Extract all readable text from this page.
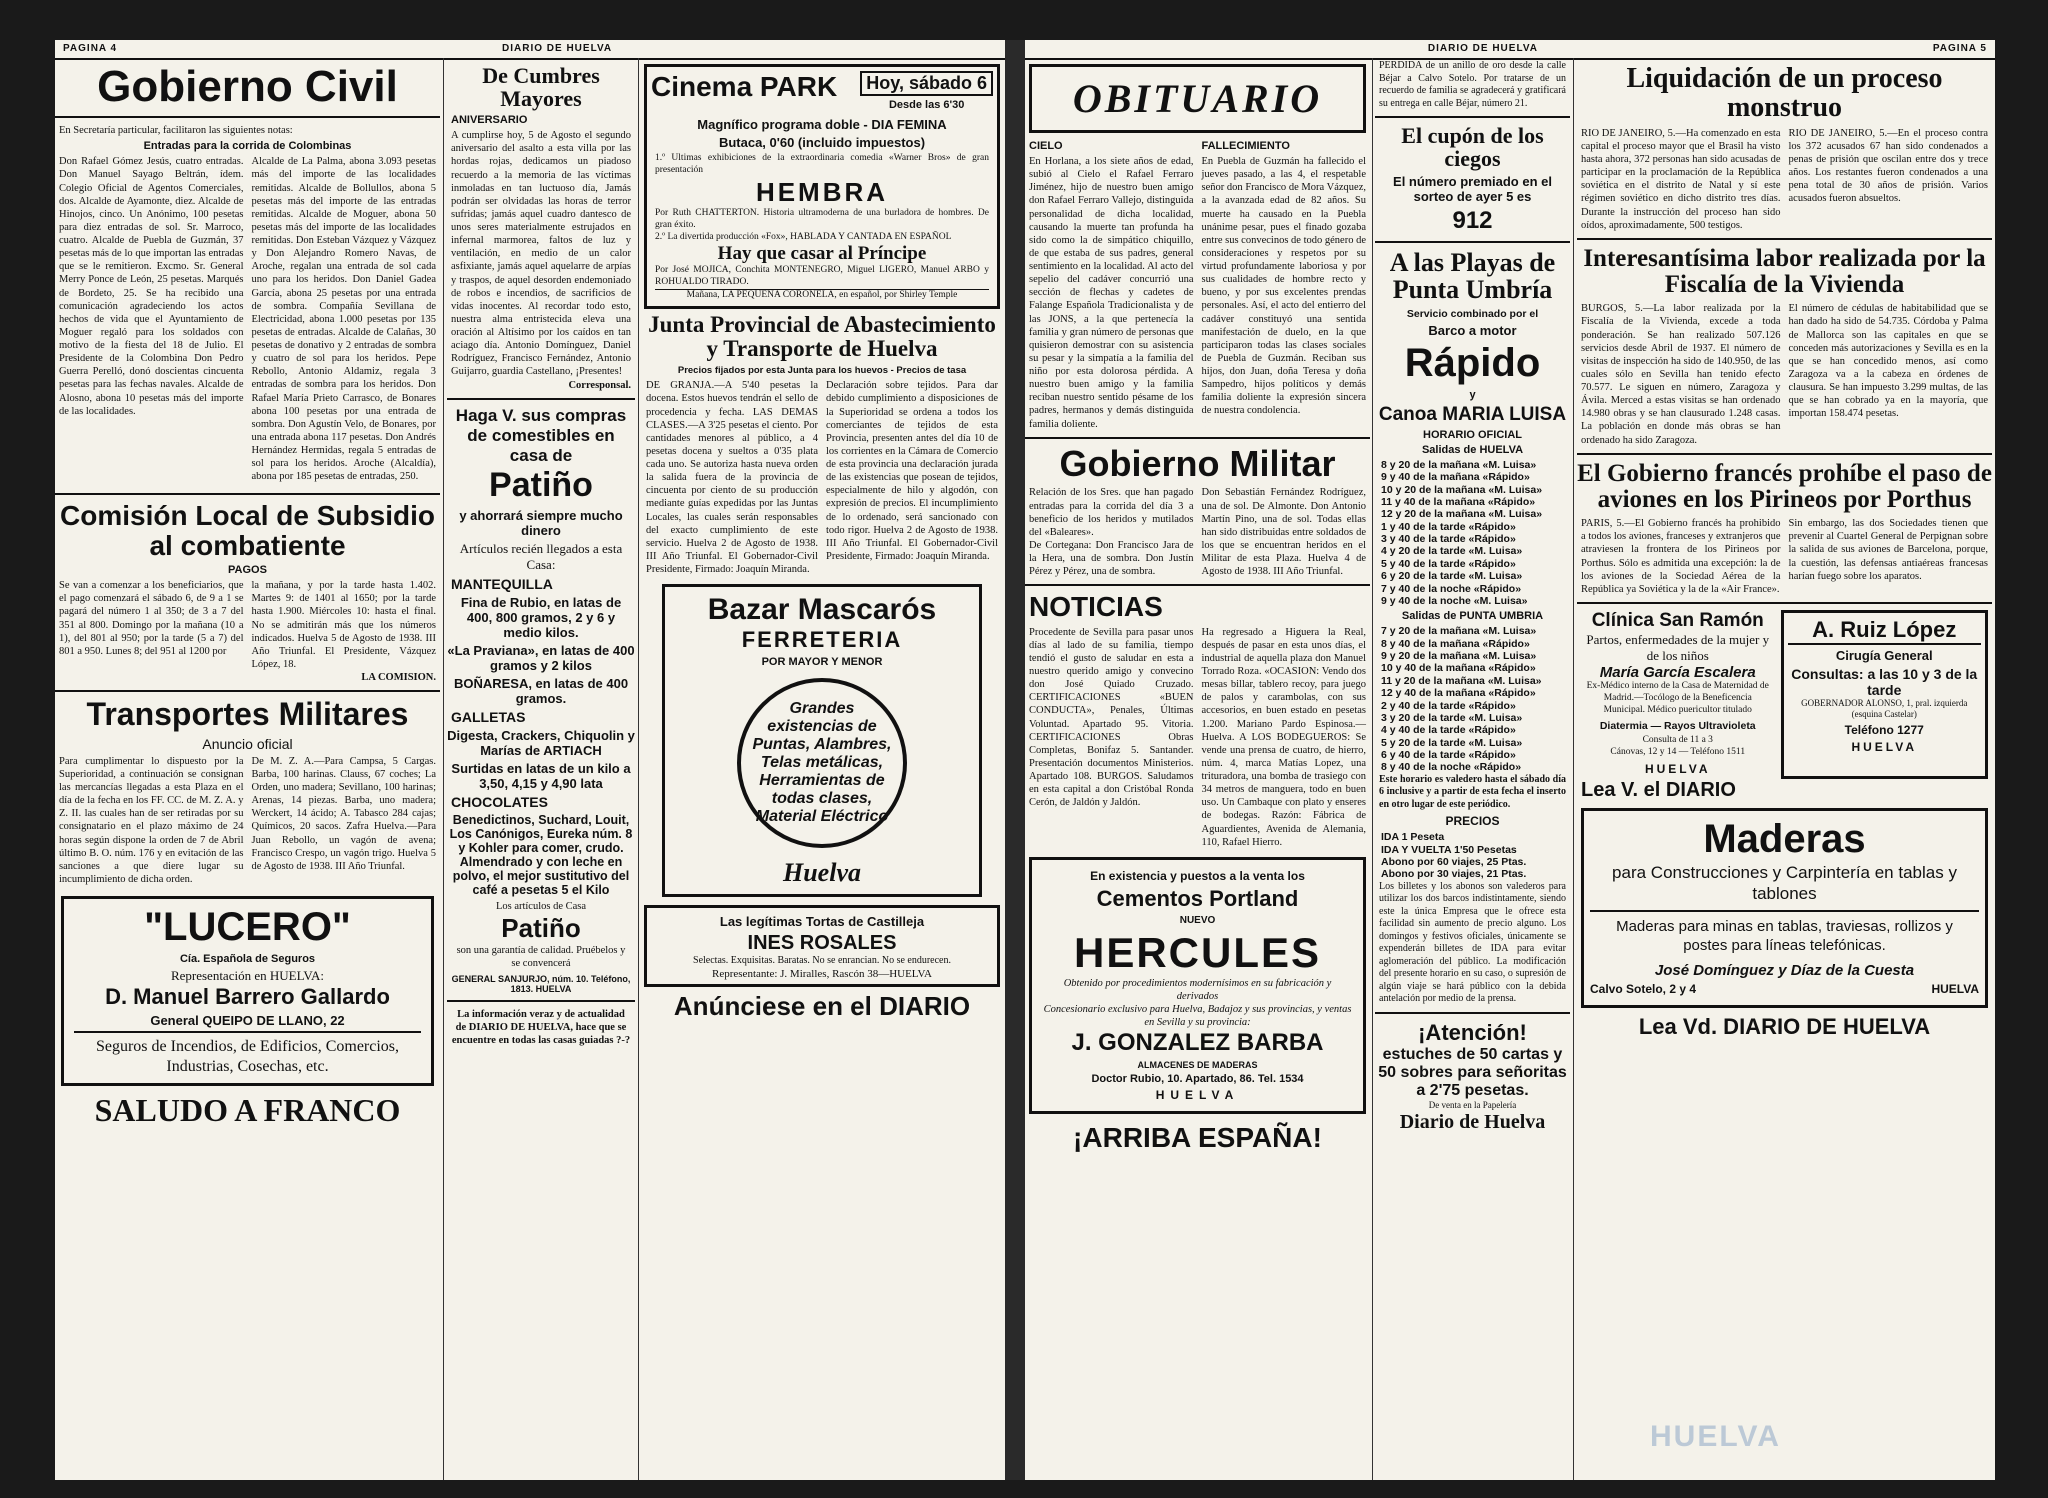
PAGINA 4	DIARIO DE HUELVA
Gobierno Civil
En Secretaría particular, facilitaron las siguientes notas:
Entradas para la corrida de Colombinas
Don Rafael Gómez Jesús, cuatro entradas. Don Manuel Sayago Beltrán, ídem. Colegio Oficial de Agentos Comerciales, dos. Alcalde de Ayamonte, diez. Alcalde de Hinojos, cinco. Un Anónimo, 100 pesetas para diez entradas de sol. Sr. Marroco, cuatro. Alcalde de Puebla de Guzmán, 37 pesetas más de lo que importan las entradas que se le remitieron. Excmo. Sr. General Merry Ponce de León, 25 pesetas. Marqués de Bordeto, 25. Se ha recibido una comunicación agradeciendo los actos hechos de vida que el Ayuntamiento de Moguer regaló para los soldados con motivo de la fiesta del 18 de Julio. El Presidente de la Colombina Don Pedro Guerra Perelló, donó doscientas cincuenta pesetas para las fechas navales. Alcalde de Alosno, abona 10 pesetas más del importe de las localidades.
Alcalde de La Palma, abona 3.093 pesetas más del importe de las localidades remitidas. Alcalde de Bollullos, abona 5 pesetas más del importe de las entradas remitidas. Alcalde de Moguer, abona 50 pesetas más del importe de las localidades remitidas. Don Esteban Vázquez y Vázquez y Don Alejandro Romero Navas, de Aroche, regalan una entrada de sol cada uno para los heridos. Don Daniel Gadea García, abona 25 pesetas por una entrada de sombra. Compañía Sevillana de Electricidad, abona 1.000 pesetas por 135 pesetas de entradas. Alcalde de Calañas, 30 pesetas de donativo y 2 entradas de sombra y cuatro de sol para los heridos. Pepe Rebollo, Antonio Aldamiz, regala 3 entradas de sombra para los heridos. Don Rafael María Prieto Carrasco, de Bonares abona 100 pesetas por una entrada de sombra. Don Agustín Velo, de Bonares, por una entrada abona 117 pesetas. Don Andrés Hernández Hermidas, regala 5 entradas de sol para los heridos. Aroche (Alcaldía), abona por 185 pesetas de entradas, 250.
Comisión Local de Subsidio al combatiente
PAGOS
Se van a comenzar a los beneficiarios, que el pago comenzará el sábado 6, de 9 a 1 se pagará del número 1 al 350; de 3 a 7 del 351 al 800. Domingo por la mañana (10 a 1), del 801 al 950; por la tarde (5 a 7) del 801 a 950. Lunes 8; del 951 al 1200 por
la mañana, y por la tarde hasta 1.402. Martes 9: de 1401 al 1650; por la tarde hasta 1.900. Miércoles 10: hasta el final. No se admitirán más que los números indicados. Huelva 5 de Agosto de 1938. III Año Triunfal. El Presidente, Vázquez López, 18.
LA COMISION.
Transportes Militares
Anuncio oficial
Para cumplimentar lo dispuesto por la Superioridad, a continuación se consignan las mercancías llegadas a esta Plaza en el día de la fecha en los FF. CC. de M. Z. A. y Z. II. las cuales han de ser retiradas por su consignatario en el plazo máximo de 24 horas según dispone la orden de 7 de Abril último B. O. núm. 176 y en evitación de las sanciones a que diere lugar su incumplimiento de dicha orden.
De M. Z. A.—Para Campsa, 5 Cargas. Barba, 100 harinas. Clauss, 67 coches; La Orden, uno madera; Sevillano, 100 harinas; Arenas, 14 piezas. Barba, uno madera; Werckert, 14 ácido; A. Tabasco 284 cajas; Químicos, 20 sacos. Zafra Huelva.—Para Juan Rebollo, un vagón de avena; Francisco Crespo, un vagón trigo. Huelva 5 de Agosto de 1938. III Año Triunfal.
"LUCERO"
Cía. Española de Seguros
Representación en HUELVA:
D. Manuel Barrero Gallardo
General QUEIPO DE LLANO, 22
Seguros de Incendios, de Edificios, Comercios, Industrias, Cosechas, etc.
SALUDO A FRANCO
De Cumbres Mayores
ANIVERSARIO
A cumplirse hoy, 5 de Agosto el segundo aniversario del asalto a esta villa por las hordas rojas, dedicamos un piadoso recuerdo a la memoria de las víctimas inmoladas en tan luctuoso día, Jamás podrán ser olvidadas las horas de terror sufridas; jamás aquel cuadro dantesco de unos seres materialmente estrujados en infernal marmorea, faltos de luz y ventilación, en medio de un calor asfixiante, jamás aquel aquelarre de arpías y traspos, de aquel desorden endemoniado de robos e incendios, de sacrificios de vidas inocentes. Al recordar todo esto, nuestra alma entristecida eleva una oración al Altísimo por los caídos en tan aciago día. Antonio Domínguez, Daniel Rodríguez, Francisco Fernández, Antonio Guijarro, guardia Castellano, ¡Presentes!
Corresponsal.
Haga V. sus compras de comestibles en casa de
Patiño
y ahorrará siempre mucho dinero
Artículos recién llegados a esta Casa:
MANTEQUILLA
Fina de Rubio, en latas de 400, 800 gramos, 2 y 6 y medio kilos.
«La Praviana», en latas de 400 gramos y 2 kilos
BOÑARESA, en latas de 400 gramos.
GALLETAS
Digesta, Crackers, Chiquolin y Marías de ARTIACH
Surtidas en latas de un kilo a 3,50, 4,15 y 4,90 lata
CHOCOLATES
Benedictinos, Suchard, Louit, Los Canónigos, Eureka núm. 8 y Kohler para comer, crudo. Almendrado y con leche en polvo, el mejor sustitutivo del café a pesetas 5 el Kilo
Los artículos de Casa
Patiño
son una garantía de calidad. Pruébelos y se convencerá
GENERAL SANJURJO, núm. 10. Teléfono, 1813. HUELVA
La información veraz y de actualidad de DIARIO DE HUELVA, hace que se encuentre en todas las casas guiadas ?-?
Cinema PARK	Hoy, sábado 6
Desde las 6'30
Magnífico programa doble - DIA FEMINA
Butaca, 0'60 (incluido impuestos)
1.º Ultimas exhibiciones de la extraordinaria comedia «Warner Bros» de gran presentación
HEMBRA
Por Ruth CHATTERTON. Historia ultramoderna de una burladora de hombres. De gran éxito.
2.º La divertida producción «Fox», HABLADA Y CANTADA EN ESPAÑOL
Hay que casar al Príncipe
Por José MOJICA, Conchita MONTENEGRO, Miguel LIGERO, Manuel ARBO y ROHUALDO TIRADO.
Mañana, LA PEQUEÑA CORONELA, en español, por Shirley Temple
Junta Provincial de Abastecimiento y Transporte de Huelva
Precios fijados por esta Junta para los huevos - Precios de tasa
DE GRANJA.—A 5'40 pesetas la docena. Estos huevos tendrán el sello de procedencia y fecha. LAS DEMAS CLASES.—A 3'25 pesetas el ciento. Por cantidades menores al público, a 4 pesetas docena y sueltos a 0'35 plata cada uno. Se autoriza hasta nueva orden la salida fuera de la provincia de cincuenta por ciento de su producción mediante guías expedidas por las Juntas Locales, las cuales serán responsables del exacto cumplimiento de este servicio. Huelva 2 de Agosto de 1938. III Año Triunfal. El Gobernador-Civil Presidente, Firmado: Joaquín Miranda.
Declaración sobre tejidos. Para dar debido cumplimiento a disposiciones de la Superioridad se ordena a todos los comerciantes de tejidos de esta Provincia, presenten antes del día 10 de los corrientes en la Cámara de Comercio de esta provincia una declaración jurada de las existencias que posean de tejidos, especialmente de hilo y algodón, con expresión de precios. El incumplimiento de lo ordenado, será sancionado con todo rigor. Huelva 2 de Agosto de 1938. III Año Triunfal. El Gobernador-Civil Presidente, Firmado: Joaquín Miranda.
Bazar Mascarós
FERRETERIA
POR MAYOR Y MENOR
Grandes existencias de Puntas, Alambres, Telas metálicas, Herramientas de todas clases, Material Eléctrico
Huelva
Las legítimas Tortas de Castilleja
INES ROSALES
Selectas. Exquisitas. Baratas. No se enrancian. No se endurecen.
Representante: J. Miralles, Rascón 38—HUELVA
Anúnciese en el DIARIO
DIARIO DE HUELVA	PAGINA 5
OBITUARIO
CIELO
En Horlana, a los siete años de edad, subió al Cielo el Rafael Ferraro Jiménez, hijo de nuestro buen amigo don Rafael Ferraro Vallejo, distinguida personalidad de dicha localidad, causando la muerte tan profunda ha sido como la de simpático chiquillo, de que estaba de sus padres, general sentimiento en la localidad. Al acto del sepelio del cadáver concurrió una sección de flechas y cadetes de Falange Española Tradicionalista y de las JONS, a la que pertenecía la familia y gran número de personas que quisieron demostrar con su asistencia su pesar y la simpatía a la familia del niño por esta dolorosa pérdida. A nuestro buen amigo y la familia reciban nuestro sentido pésame de los padres, hermanos y demás distinguida familia doliente.
FALLECIMIENTO
En Puebla de Guzmán ha fallecido el jueves pasado, a las 4, el respetable señor don Francisco de Mora Vázquez, a la avanzada edad de 82 años. Su muerte ha causado en la Puebla unánime pesar, pues el finado gozaba entre sus convecinos de todo género de consideraciones y respetos por su virtud profundamente laboriosa y por sus cualidades de hombre recto y bueno, y por sus excelentes prendas personales. Así, el acto del entierro del cadáver constituyó una sentida manifestación de duelo, en la que participaron todas las clases sociales de Puebla de Guzmán. Reciban sus hijos, don Juan, doña Teresa y doña Sampedro, hijos políticos y demás familia doliente la expresión sincera de nuestra condolencia.
Gobierno Militar
Relación de los Sres. que han pagado entradas para la corrida del día 3 a beneficio de los heridos y mutilados del «Baleares».
De Cortegana: Don Francisco Jara de la Hera, una de sombra. Don Justín Pérez y Pérez, una de sombra.
Don Sebastián Fernández Rodríguez, una de sol. De Almonte. Don Antonio Martín Pino, una de sol. Todas ellas han sido distribuidas entre soldados de los que se encuentran heridos en el Militar de esta Plaza. Huelva 4 de Agosto de 1938. III Año Triunfal.
NOTICIAS
Procedente de Sevilla para pasar unos días al lado de su familia, tiempo tendió el gusto de saludar en esta a nuestro querido amigo y convecino don José Quiado Cruzado. CERTIFICACIONES «BUEN CONDUCTA», Penales, Últimas Voluntad. Apartado 95. Vitoria. CERTIFICACIONES Obras Completas, Bonifaz 5. Santander. Presentación documentos Ministerios. Apartado 108. BURGOS. Saludamos en esta capital a don Cristóbal Ronda Cerón, de Jaldón y Jaldón.
Ha regresado a Higuera la Real, después de pasar en esta unos días, el industrial de aquella plaza don Manuel Torrado Roza. «OCASION: Vendo dos mesas billar, tablero recoy, para juego de palos y carambolas, con sus accesorios, en buen estado en pesetas 1.200. Mariano Pardo Espinosa.—Huelva. A LOS BODEGUEROS: Se vende una prensa de cuatro, de hierro, núm. 4, marca Matías Lopez, una trituradora, una bomba de trasiego con 34 metros de manguera, todo en buen uso. Un Cambaque con plato y enseres de bodegas. Razón: Fábrica de Aguardientes, Avenida de Alemania, 110, Rafael Hierro.
En existencia y puestos a la venta los
Cementos Portland
NUEVO
HERCULES
Obtenido por procedimientos modernísimos en su fabricación y derivados
Concesionario exclusivo para Huelva, Badajoz y sus provincias, y ventas en Sevilla y su provincia:
J. GONZALEZ BARBA
ALMACENES DE MADERAS
Doctor Rubio, 10. Apartado, 86. Tel. 1534
HUELVA
¡ARRIBA ESPAÑA!
PERDIDA de un anillo de oro desde la calle Béjar a Calvo Sotelo. Por tratarse de un recuerdo de familia se agradecerá y gratificará su entrega en calle Béjar, número 21.
El cupón de los ciegos
El número premiado en el sorteo de ayer 5 es
912
A las Playas de Punta Umbría
Servicio combinado por el
Barco a motor
Rápido
y
Canoa MARIA LUISA
HORARIO OFICIAL
Salidas de HUELVA
8 y 20 de la mañana «M. Luisa»
9 y 40 de la mañana «Rápido»
10 y 20 de la mañana «M. Luisa»
11 y 40 de la mañana «Rápido»
12 y 20 de la mañana «M. Luisa»
1 y 40 de la tarde «Rápido»
3 y 40 de la tarde «Rápido»
4 y 20 de la tarde «M. Luisa»
5 y 40 de la tarde «Rápido»
6 y 20 de la tarde «M. Luisa»
7 y 40 de la noche «Rápido»
9 y 40 de la noche «M. Luisa»
Salidas de PUNTA UMBRIA
7 y 20 de la mañana «M. Luisa»
8 y 40 de la mañana «Rápido»
9 y 20 de la mañana «M. Luisa»
10 y 40 de la mañana «Rápido»
11 y 20 de la mañana «M. Luisa»
12 y 40 de la mañana «Rápido»
2 y 40 de la tarde «Rápido»
3 y 20 de la tarde «M. Luisa»
4 y 40 de la tarde «Rápido»
5 y 20 de la tarde «M. Luisa»
6 y 40 de la tarde «Rápido»
8 y 40 de la noche «Rápido»
Este horario es valedero hasta el sábado día 6 inclusive y a partir de esta fecha el inserto en otro lugar de este periódico.
PRECIOS
IDA 1 Peseta
IDA Y VUELTA 1'50 Pesetas
Abono por 60 viajes, 25 Ptas.
Abono por 30 viajes, 21 Ptas.
Los billetes y los abonos son valederos para utilizar los dos barcos indistintamente, siendo este la única Empresa que le ofrece esta facilidad sin aumento de precio alguno. Los domingos y festivos oficiales, únicamente se expenderán billetes de IDA para evitar aglomeración del público. La modificación del presente horario en su caso, o supresión de algún viaje se hará público con la debida antelación por medio de la prensa.
¡Atención!
estuches de 50 cartas y 50 sobres para señoritas a 2'75 pesetas.
De venta en la Papelería
Diario de Huelva
Liquidación de un proceso monstruo
RIO DE JANEIRO, 5.—Ha comenzado en esta capital el proceso mayor que el Brasil ha visto hasta ahora, 372 personas han sido acusadas de participar en la proclamación de la República soviética en el distrito de Natal y sí este régimen soviético en dicho distrito tres días. Durante la instrucción del proceso han sido oídos, aproximadamente, 500 testigos.
RIO DE JANEIRO, 5.—En el proceso contra los 372 acusados 67 han sido condenados a penas de prisión que oscilan entre dos y trece años. Los restantes fueron condenados a una pena total de 30 años de prisión. Varios acusados fueron absueltos.
Interesantísima labor realizada por la Fiscalía de la Vivienda
BURGOS, 5.—La labor realizada por la Fiscalía de la Vivienda, excede a toda ponderación. Se han realizado 507.126 servicios desde Abril de 1937. El número de visitas de inspección ha sido de 140.950, de las cuales sólo en Sevilla han tenido efecto 70.577. Le siguen en número, Zaragoza y Ávila. Merced a estas visitas se han ordenado 14.980 obras y se han clausurado 1.248 casas. La población en donde más obras se han ordenado ha sido Zaragoza.
El número de cédulas de habitabilidad que se han dado ha sido de 54.735. Córdoba y Palma de Mallorca son las capitales en que se conceden más autorizaciones y Sevilla es en la que se han concedido menos, así como Zaragoza va a la cabeza en órdenes de clausura. Se han impuesto 3.299 multas, de las que se han cobrado ya en la mayoría, que importan 158.474 pesetas.
El Gobierno francés prohíbe el paso de aviones en los Pirineos por Porthus
PARIS, 5.—El Gobierno francés ha prohibido a todos los aviones, franceses y extranjeros que atraviesen la frontera de los Pirineos por Porthus. Sólo es admitida una excepción: la de los aviones de la Sociedad Aérea de la República ya Soviética y la de la «Air France».
Sin embargo, las dos Sociedades tienen que prevenir al Cuartel General de Perpignan sobre la salida de sus aviones de Barcelona, porque, la cuestión, las defensas antiaéreas francesas harían fuego sobre los aparatos.
Clínica San Ramón
Partos, enfermedades de la mujer y de los niños
María García Escalera
Ex-Médico interno de la Casa de Maternidad de Madrid.—Tocólogo de la Beneficencia Municipal. Médico puericultor titulado
Diatermia — Rayos Ultravioleta
Consulta de 11 a 3
Cánovas, 12 y 14 — Teléfono 1511
HUELVA
A. Ruiz López
Cirugía General
Consultas: a las 10 y 3 de la tarde
GOBERNADOR ALONSO, 1, pral. izquierda (esquina Castelar)
Teléfono 1277
HUELVA
Lea V. el DIARIO
Maderas
para Construcciones y Carpintería en tablas y tablones
Maderas para minas en tablas, traviesas, rollizos y postes para líneas telefónicas.
José Domínguez y Díaz de la Cuesta
Calvo Sotelo, 2 y 4	HUELVA
Lea Vd. DIARIO DE HUELVA
HUELVA
